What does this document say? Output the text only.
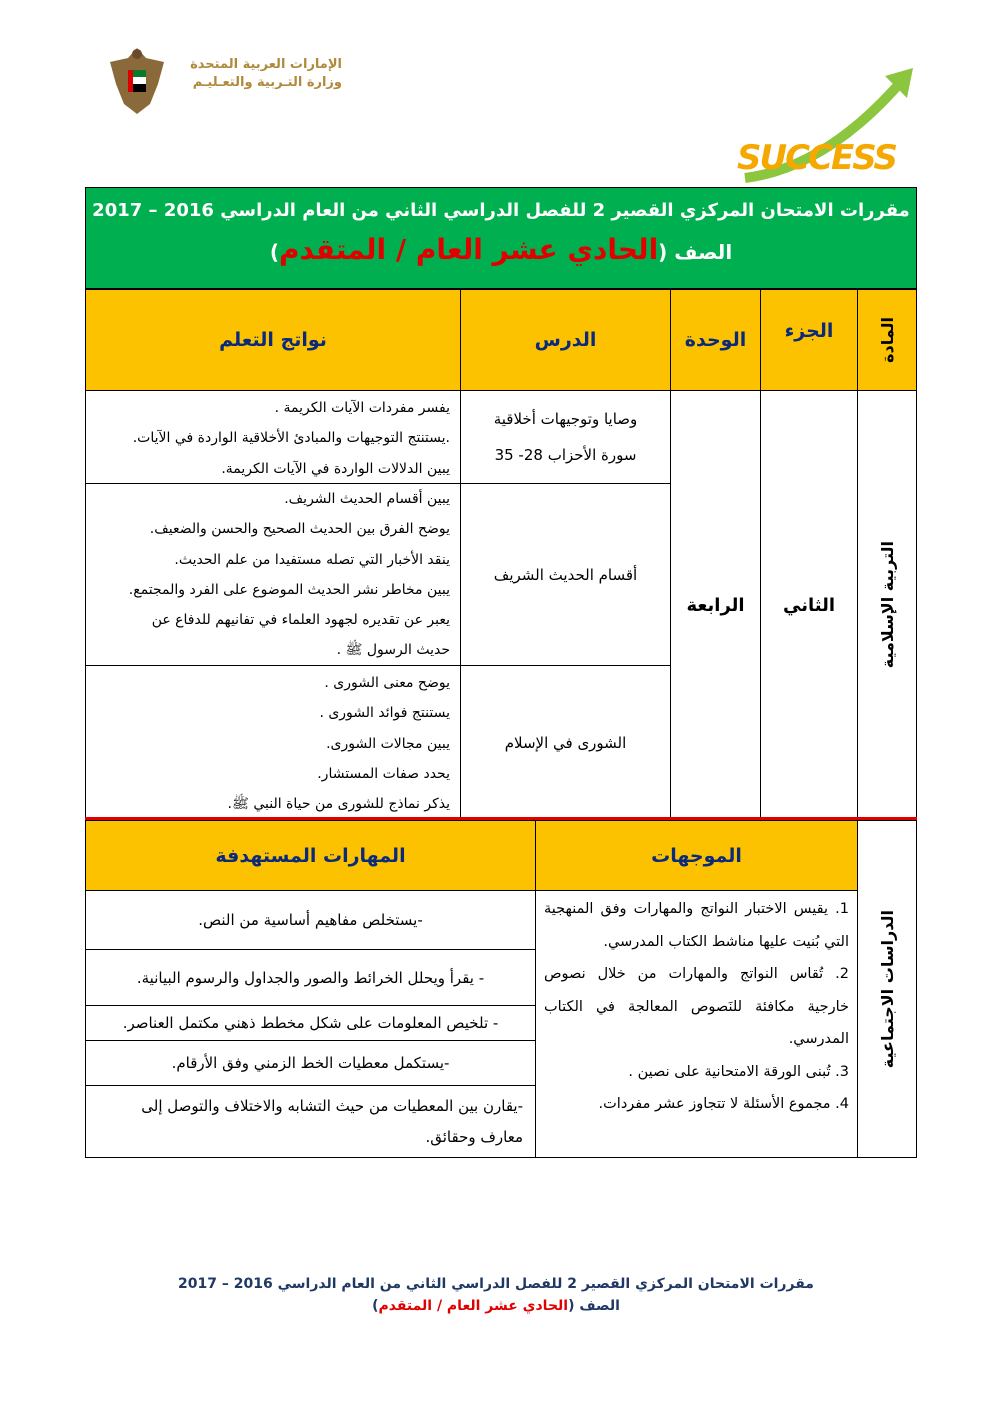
الإمارات العربية المتحدة
وزارة التـربية والتعـليـم
SUCCESS
مقررات الامتحان المركزي القصير 2 للفصل الدراسي الثاني من العام الدراسي 2016 – 2017
الصف (الحادي عشر العام / المتقدم)
المادة
الجزء
الوحدة
الدرس
نواتج التعلم
التربية الإسلامية
الثاني
الرابعة
وصايا وتوجيهات أخلاقية
سورة الأحزاب 28- 35
يفسر مفردات الآيات الكريمة .
.يستنتج التوجيهات والمبادئ الأخلاقية الواردة في الآيات.
يبين الدلالات الواردة في الآيات الكريمة.
أقسام الحديث الشريف
يبين أقسام الحديث الشريف.
يوضح الفرق بين الحديث الصحيح والحسن والضعيف.
ينقد الأخبار التي تصله مستفيدا من علم الحديث.
يبين مخاطر نشر الحديث الموضوع على الفرد والمجتمع.
يعبر عن تقديره لجهود العلماء في تفانيهم للدفاع عن
حديث الرسول ﷺ .
الشورى في الإسلام
يوضح معنى الشورى .
يستنتج فوائد الشورى .
يبين مجالات الشورى.
يحدد صفات المستشار.
يذكر نماذج للشورى من حياة النبي ﷺ.
الدراسات الاجتماعية
الموجهات
المهارات المستهدفة
1. يقيس الاختبار النواتج والمهارات وفق المنهجية التي بُنيت عليها مناشط الكتاب المدرسي.
2. تُقاس النواتج والمهارات من خلال نصوص خارجية مكافئة للنَصوص المعالجة في الكتاب المدرسي.
3. تُبنى الورقة الامتحانية على نصين .
4. مجموع الأسئلة لا تتجاوز عشر مفردات.
-يستخلص مفاهيم أساسية من النص.
- يقرأ ويحلل الخرائط والصور والجداول والرسوم البيانية.
- تلخيص المعلومات على شكل مخطط ذهني مكتمل العناصر.
-يستكمل معطيات الخط الزمني وفق الأرقام.
-يقارن بين المعطيات من حيث التشابه والاختلاف والتوصل إلى معارف وحقائق.
مقررات الامتحان المركزي القصير 2 للفصل الدراسي الثاني من العام الدراسي 2016 – 2017
الصف (الحادي عشر العام / المتقدم)
